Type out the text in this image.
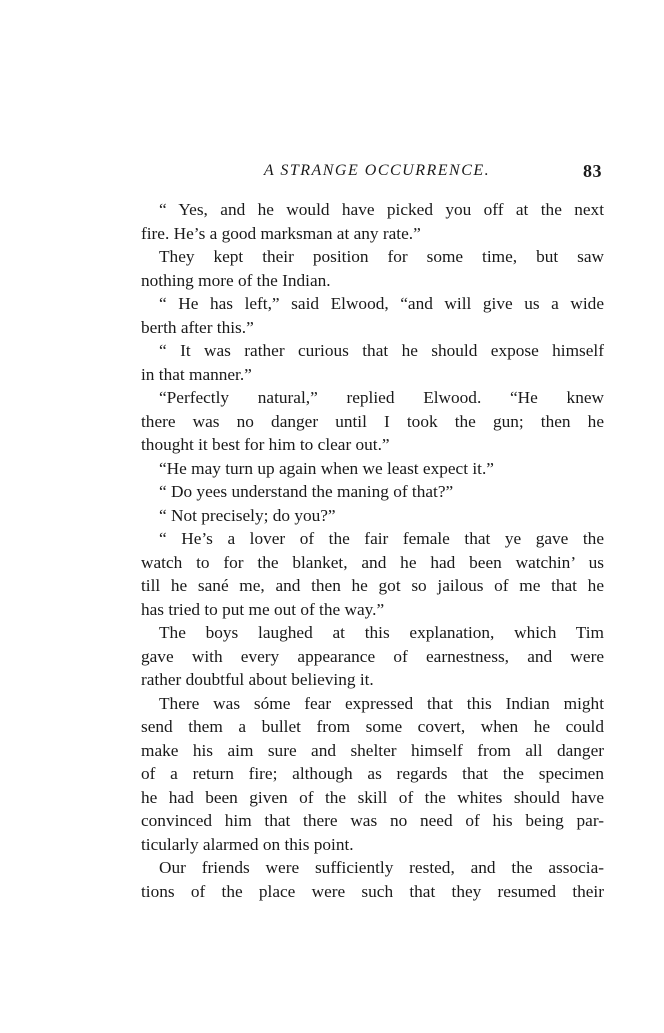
A STRANGE OCCURRENCE.	83
“ Yes, and he would have picked you off at the next
fire. He’s a good marksman at any rate.”
They kept their position for some time, but saw
nothing more of the Indian.
“ He has left,” said Elwood, “and will give us a wide
berth after this.”
“ It was rather curious that he should expose himself
in that manner.”
“Perfectly natural,” replied Elwood. “He knew
there was no danger until I took the gun; then he
thought it best for him to clear out.”
“He may turn up again when we least expect it.”
“ Do yees understand the maning of that?”
“ Not precisely; do you?”
“ He’s a lover of the fair female that ye gave the
watch to for the blanket, and he had been watchin’ us
till he sané me, and then he got so jailous of me that he
has tried to put me out of the way.”
The boys laughed at this explanation, which Tim
gave with every appearance of earnestness, and were
rather doubtful about believing it.
There was sóme fear expressed that this Indian might
send them a bullet from some covert, when he could
make his aim sure and shelter himself from all danger
of a return fire; although as regards that the specimen
he had been given of the skill of the whites should have
convinced him that there was no need of his being par-
ticularly alarmed on this point.
Our friends were sufficiently rested, and the associa-
tions of the place were such that they resumed their
